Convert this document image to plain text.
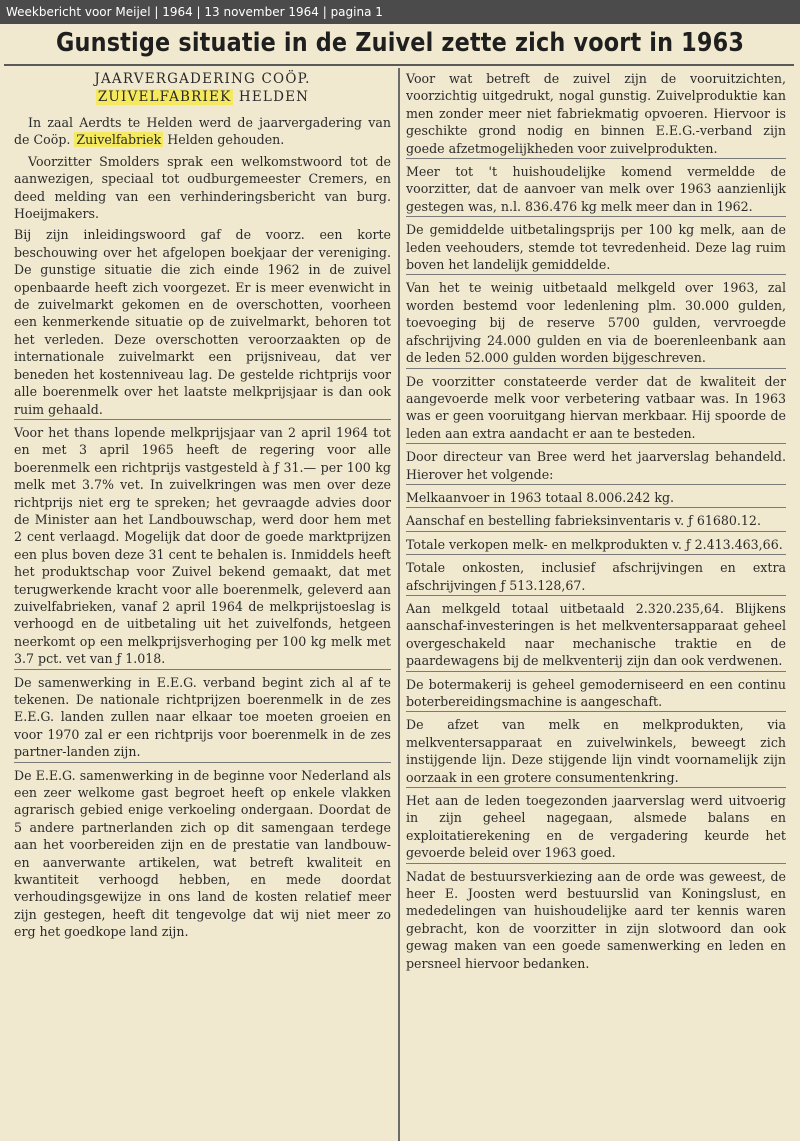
Weekbericht voor Meijel | 1964 | 13 november 1964 | pagina 1
Gunstige situatie in de Zuivel zette zich voort in 1963
JAARVERGADERING COÖP.
ZUIVELFABRIEK HELDEN

In zaal Aerdts te Helden werd de jaarvergadering van de Coöp. Zuivelfabriek Helden gehouden.

Voorzitter Smolders sprak een welkomstwoord tot de aanwezigen, speciaal tot oudburgemeester Cremers, en deed melding van een verhinderingsbericht van burg. Hoeijmakers.

Bij zijn inleidingswoord gaf de voorz. een korte beschouwing over het afgelopen boekjaar der vereniging. De gunstige situatie die zich einde 1962 in de zuivel openbaarde heeft zich voorgezet. Er is meer evenwicht in de zuivelmarkt gekomen en de overschotten, voorheen een kenmerkende situatie op de zuivelmarkt, behoren tot het verleden. Deze overschotten veroorzaakten op de internationale zuivelmarkt een prijsniveau, dat ver beneden het kostenniveau lag. De gestelde richtprijs voor alle boerenmelk over het laatste melkprijsjaar is dan ook ruim gehaald.

Voor het thans lopende melkprijsjaar van 2 april 1964 tot en met 3 april 1965 heeft de regering voor alle boerenmelk een richtprijs vastgesteld à ƒ 31.— per 100 kg melk met 3.7% vet. In zuivelkringen was men over deze richtprijs niet erg te spreken; het gevraagde advies door de Minister aan het Landbouwschap, werd door hem met 2 cent verlaagd. Mogelijk dat door de goede marktprijzen een plus boven deze 31 cent te behalen is. Inmiddels heeft het produktschap voor Zuivel bekend gemaakt, dat met terugwerkende kracht voor alle boerenmelk, geleverd aan zuivelfabrieken, vanaf 2 april 1964 de melkprijstoeslag is verhoogd en de uitbetaling uit het zuivelfonds, hetgeen neerkomt op een melkprijsverhoging per 100 kg melk met 3.7 pct. vet van ƒ 1.018.

De samenwerking in E.E.G. verband begint zich al af te tekenen. De nationale richtprijzen boerenmelk in de zes E.E.G. landen zullen naar elkaar toe moeten groeien en voor 1970 zal er een richtprijs voor boerenmelk in de zes partner-landen zijn.

De E.E.G. samenwerking in de beginne voor Nederland als een zeer welkome gast begroet heeft op enkele vlakken agrarisch gebied enige verkoeling ondergaan. Doordat de 5 andere partnerlanden zich op dit samengaan terdege aan het voorbereiden zijn en de prestatie van landbouw- en aanverwante artikelen, wat betreft kwaliteit en kwantiteit verhoogd hebben, en mede doordat verhoudingsgewijze in ons land de kosten relatief meer zijn gestegen, heeft dit tengevolge dat wij niet meer zo erg het goedkope land zijn.

Voor wat betreft de zuivel zijn de vooruitzichten, voorzichtig uitgedrukt, nogal gunstig. Zuivelproduktie kan men zonder meer niet fabriekmatig opvoeren. Hiervoor is geschikte grond nodig en binnen E.E.G.-verband zijn goede afzetmogelijkheden voor zuivelprodukten.

Meer tot 't huishoudelijke komend vermeldde de voorzitter, dat de aanvoer van melk over 1963 aanzienlijk gestegen was, n.l. 836.476 kg melk meer dan in 1962.

De gemiddelde uitbetalingsprijs per 100 kg melk, aan de leden veehouders, stemde tot tevredenheid. Deze lag ruim boven het landelijk gemiddelde.

Van het te weinig uitbetaald melkgeld over 1963, zal worden bestemd voor ledenlening plm. 30.000 gulden, toevoeging bij de reserve 5700 gulden, vervroegde afschrijving 24.000 gulden en via de boerenleenbank aan de leden 52.000 gulden worden bijgeschreven.

De voorzitter constateerde verder dat de kwaliteit der aangevoerde melk voor verbetering vatbaar was. In 1963 was er geen vooruitgang hiervan merkbaar. Hij spoorde de leden aan extra aandacht er aan te besteden.

Door directeur van Bree werd het jaarverslag behandeld. Hierover het volgende:

Melkaanvoer in 1963 totaal 8.006.242 kg.

Aanschaf en bestelling fabrieksinventaris v. ƒ 61680.12.

Totale verkopen melk- en melkprodukten v. ƒ 2.413.463,66.

Totale onkosten, inclusief afschrijvingen en extra afschrijvingen ƒ 513.128,67.

Aan melkgeld totaal uitbetaald 2.320.235,64. Blijkens aanschaf-investeringen is het melkventersapparaat geheel overgeschakeld naar mechanische traktie en de paardewagens bij de melkventerij zijn dan ook verdwenen.

De botermakerij is geheel gemoderniseerd en een continu boterbereidingsmachine is aangeschaft.

De afzet van melk en melkprodukten, via melkventersapparaat en zuivelwinkels, beweegt zich instijgende lijn. Deze stijgende lijn vindt voornamelijk zijn oorzaak in een grotere consumentenkring.

Het aan de leden toegezonden jaarverslag werd uitvoerig in zijn geheel nagegaan, alsmede balans en exploitatierekening en de vergadering keurde het gevoerde beleid over 1963 goed.

Nadat de bestuursverkiezing aan de orde was geweest, de heer E. Joosten werd bestuurslid van Koningslust, en mededelingen van huishoudelijke aard ter kennis waren gebracht, kon de voorzitter in zijn slotwoord dan ook gewag maken van een goede samenwerking en leden en persneel hiervoor bedanken.
